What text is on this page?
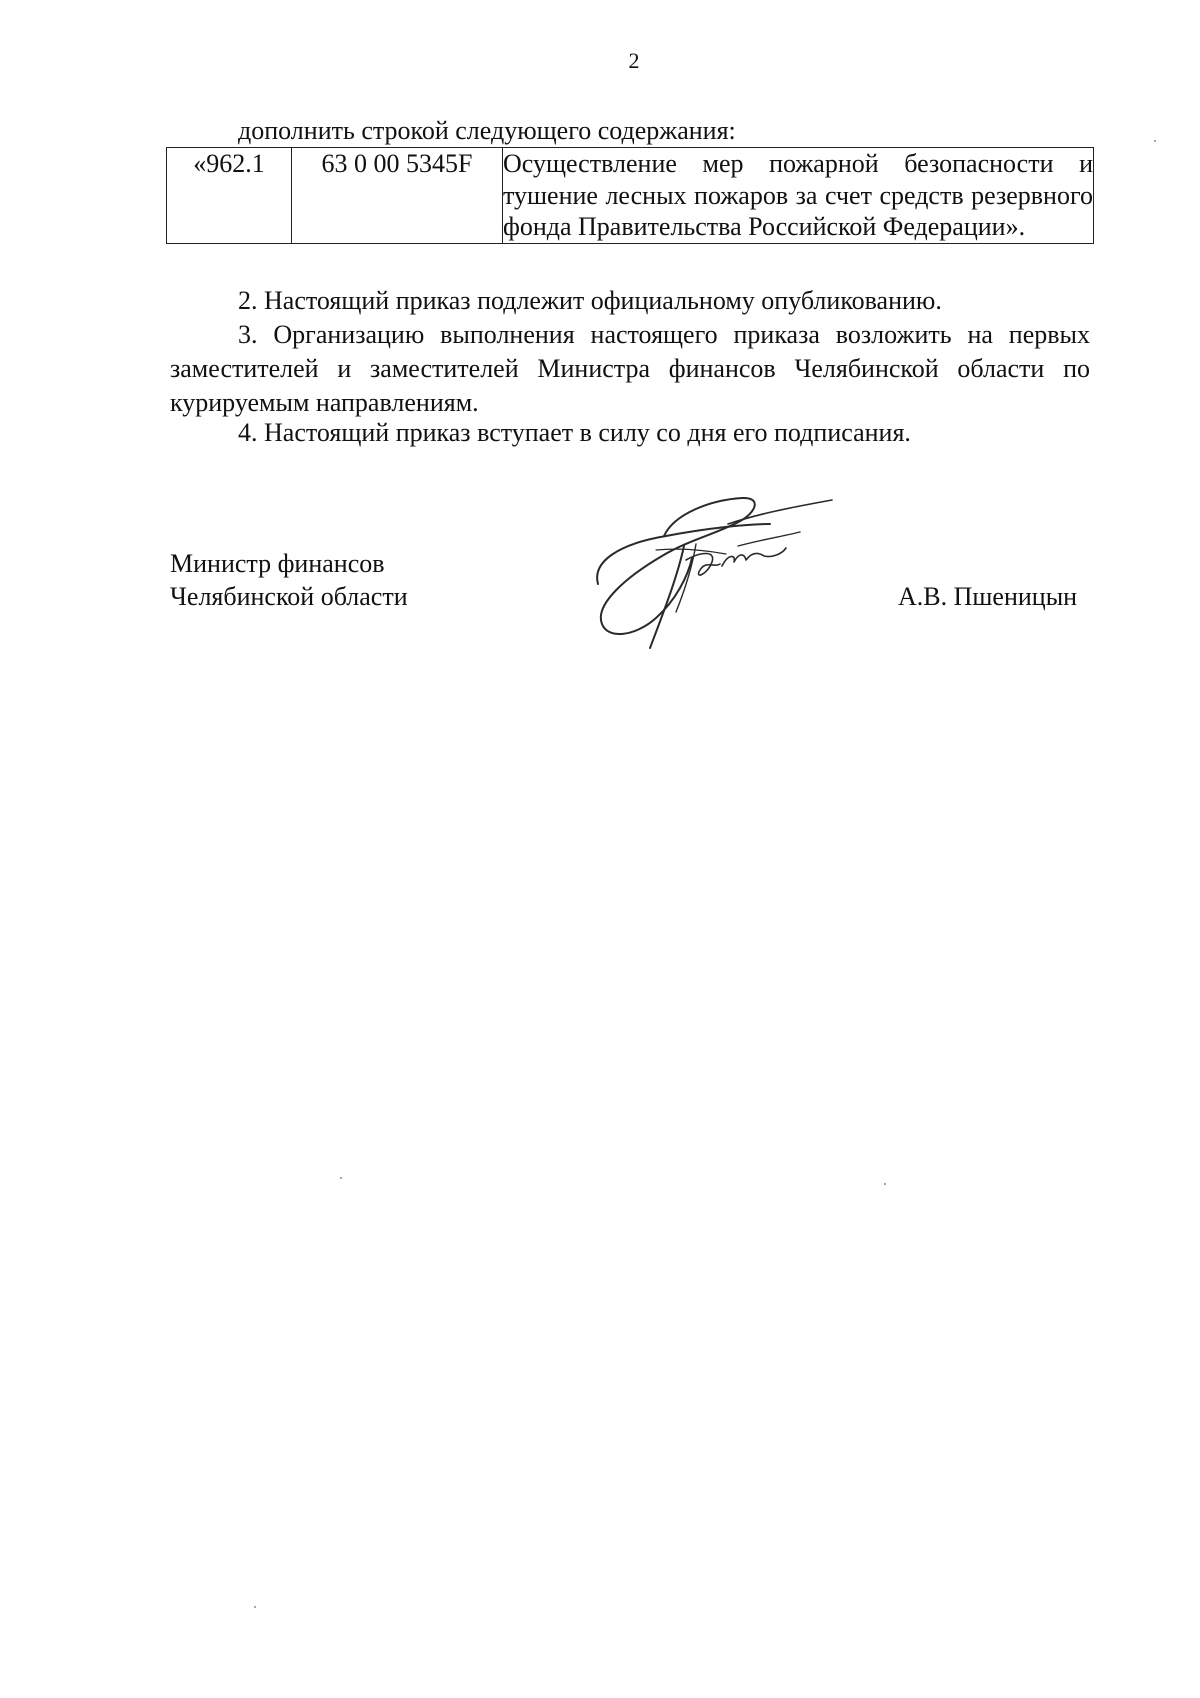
2
дополнить строкой следующего содержания:
«962.1	63 0 00 5345F	Осуществление мер пожарной безопасности и тушение лесных пожаров за счет средств резервного фонда Правительства Российской Федерации».
2. Настоящий приказ подлежит официальному опубликованию.
3. Организацию выполнения настоящего приказа возложить на первых заместителей и заместителей Министра финансов Челябинской области по курируемым направлениям.
4. Настоящий приказ вступает в силу со дня его подписания.
Министр финансов
Челябинской области	А.В. Пшеницын
